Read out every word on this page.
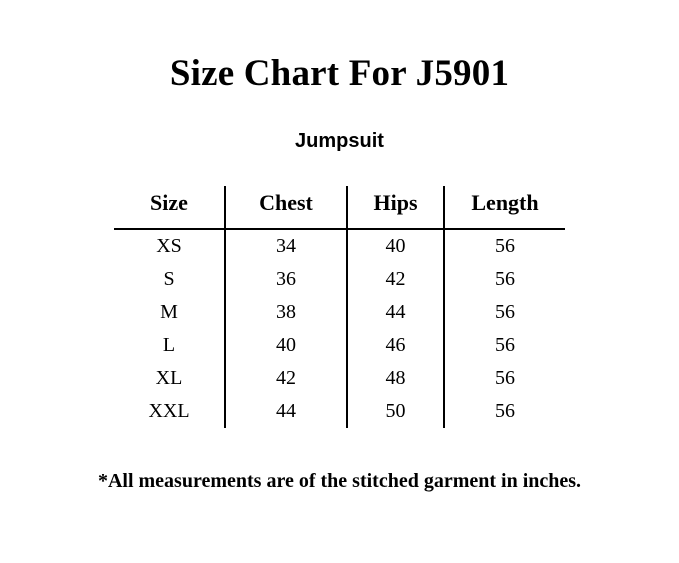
Size Chart For J5901
Jumpsuit
Size	Chest	Hips	Length
XS	34	40	56
S	36	42	56
M	38	44	56
L	40	46	56
XL	42	48	56
XXL	44	50	56
*All measurements are of the stitched garment in inches.
